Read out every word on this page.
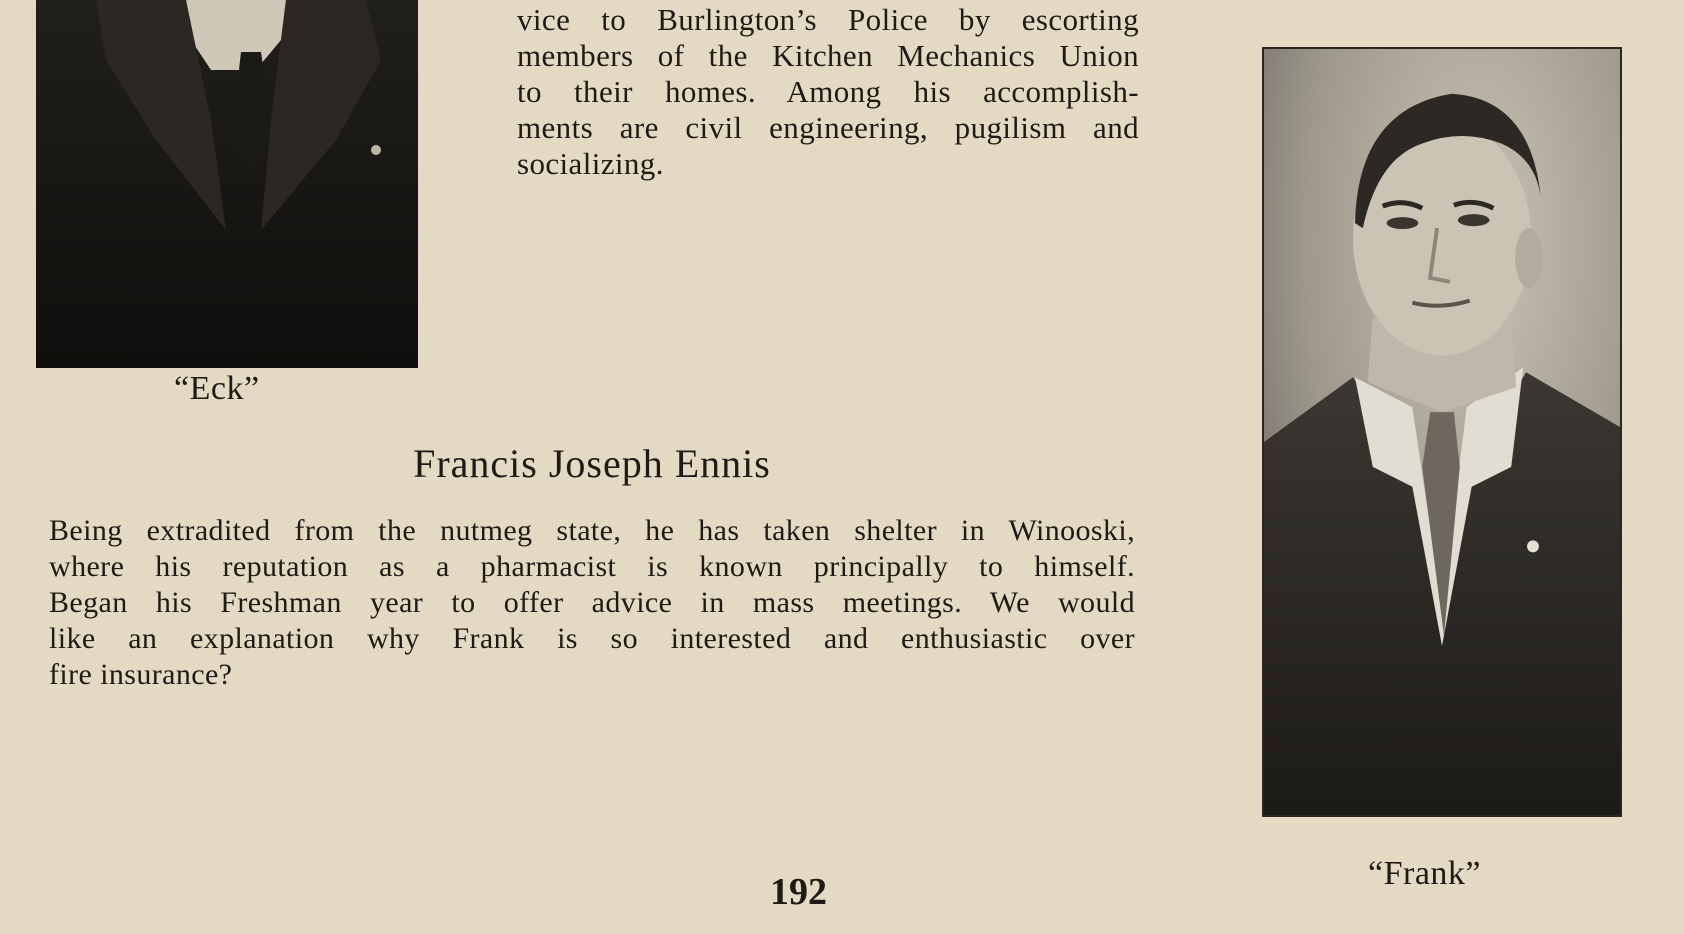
vice to Burlington’s Police by escorting
members of the Kitchen Mechanics Union
to their homes. Among his accomplish-
ments are civil engineering, pugilism and
socializing.
“Eck”
Francis Joseph Ennis
Being extradited from the nutmeg state, he has taken shelter in Winooski,
where his reputation as a pharmacist is known principally to himself.
Began his Freshman year to offer advice in mass meetings. We would
like an explanation why Frank is so interested and enthusiastic over
fire insurance?
“Frank”
192
